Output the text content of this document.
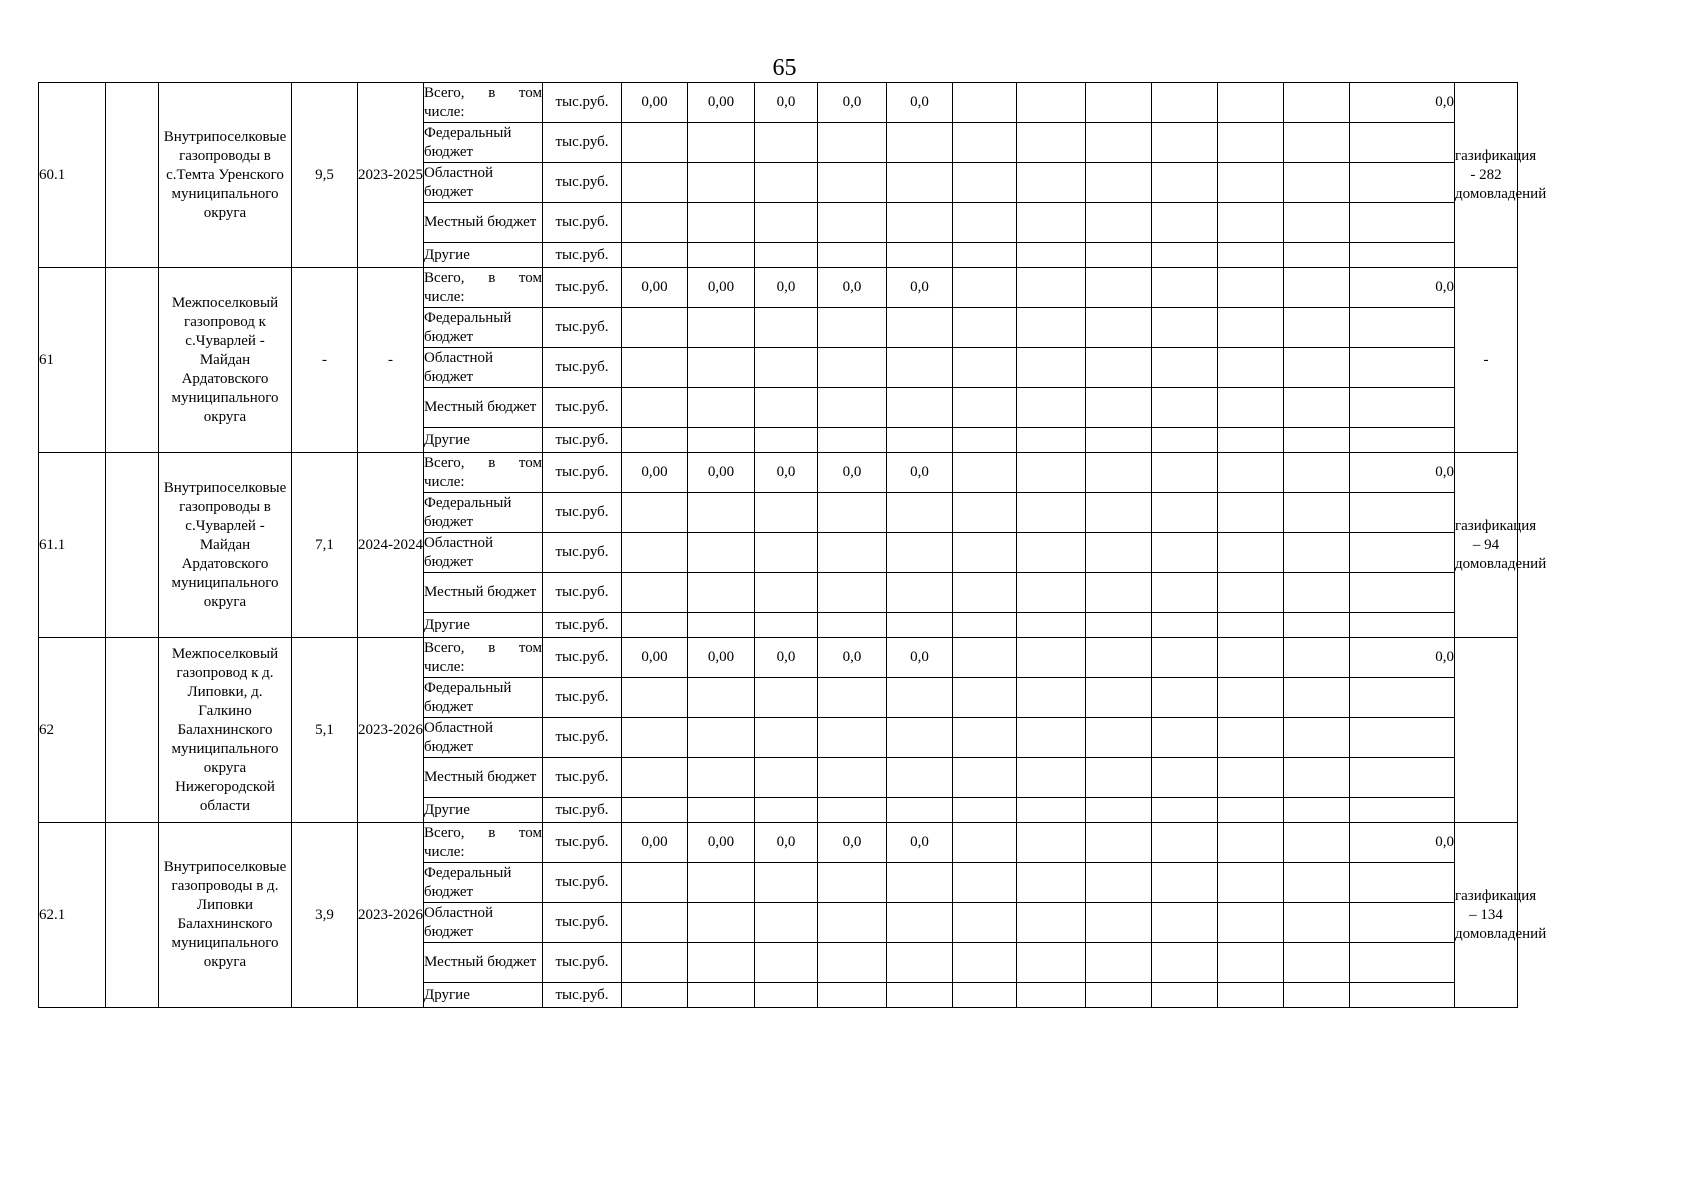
65
60.1		Внутрипоселковые газопроводы в с.Темта Уренского муниципального округа	9,5	2023-2025	Всего, в том числе:	тыс.руб.	0,00	0,00	0,0	0,0	0,0							0,0	газификация - 282 домовладений
					Федеральный бюджет	тыс.руб.													
					Областной бюджет	тыс.руб.													
					Местный бюджет	тыс.руб.													
					Другие	тыс.руб.													
61		Межпоселковый газопровод к с.Чуварлей - Майдан Ардатовского муниципального округа	-	-	Всего, в том числе:	тыс.руб.	0,00	0,00	0,0	0,0	0,0							0,0	-
					Федеральный бюджет	тыс.руб.													
					Областной бюджет	тыс.руб.													
					Местный бюджет	тыс.руб.													
					Другие	тыс.руб.													
61.1		Внутрипоселковые газопроводы в с.Чуварлей - Майдан Ардатовского муниципального округа	7,1	2024-2024	Всего, в том числе:	тыс.руб.	0,00	0,00	0,0	0,0	0,0							0,0	газификация – 94 домовладений
					Федеральный бюджет	тыс.руб.													
					Областной бюджет	тыс.руб.													
					Местный бюджет	тыс.руб.													
					Другие	тыс.руб.													
62		Межпоселковый газопровод к д. Липовки, д. Галкино Балахнинского муниципального округа Нижегородской области	5,1	2023-2026	Всего, в том числе:	тыс.руб.	0,00	0,00	0,0	0,0	0,0							0,0	
					Федеральный бюджет	тыс.руб.													
					Областной бюджет	тыс.руб.													
					Местный бюджет	тыс.руб.													
					Другие	тыс.руб.													
62.1		Внутрипоселковые газопроводы в д. Липовки Балахнинского муниципального округа	3,9	2023-2026	Всего, в том числе:	тыс.руб.	0,00	0,00	0,0	0,0	0,0							0,0	газификация – 134 домовладений
					Федеральный бюджет	тыс.руб.													
					Областной бюджет	тыс.руб.													
					Местный бюджет	тыс.руб.													
					Другие	тыс.руб.													
